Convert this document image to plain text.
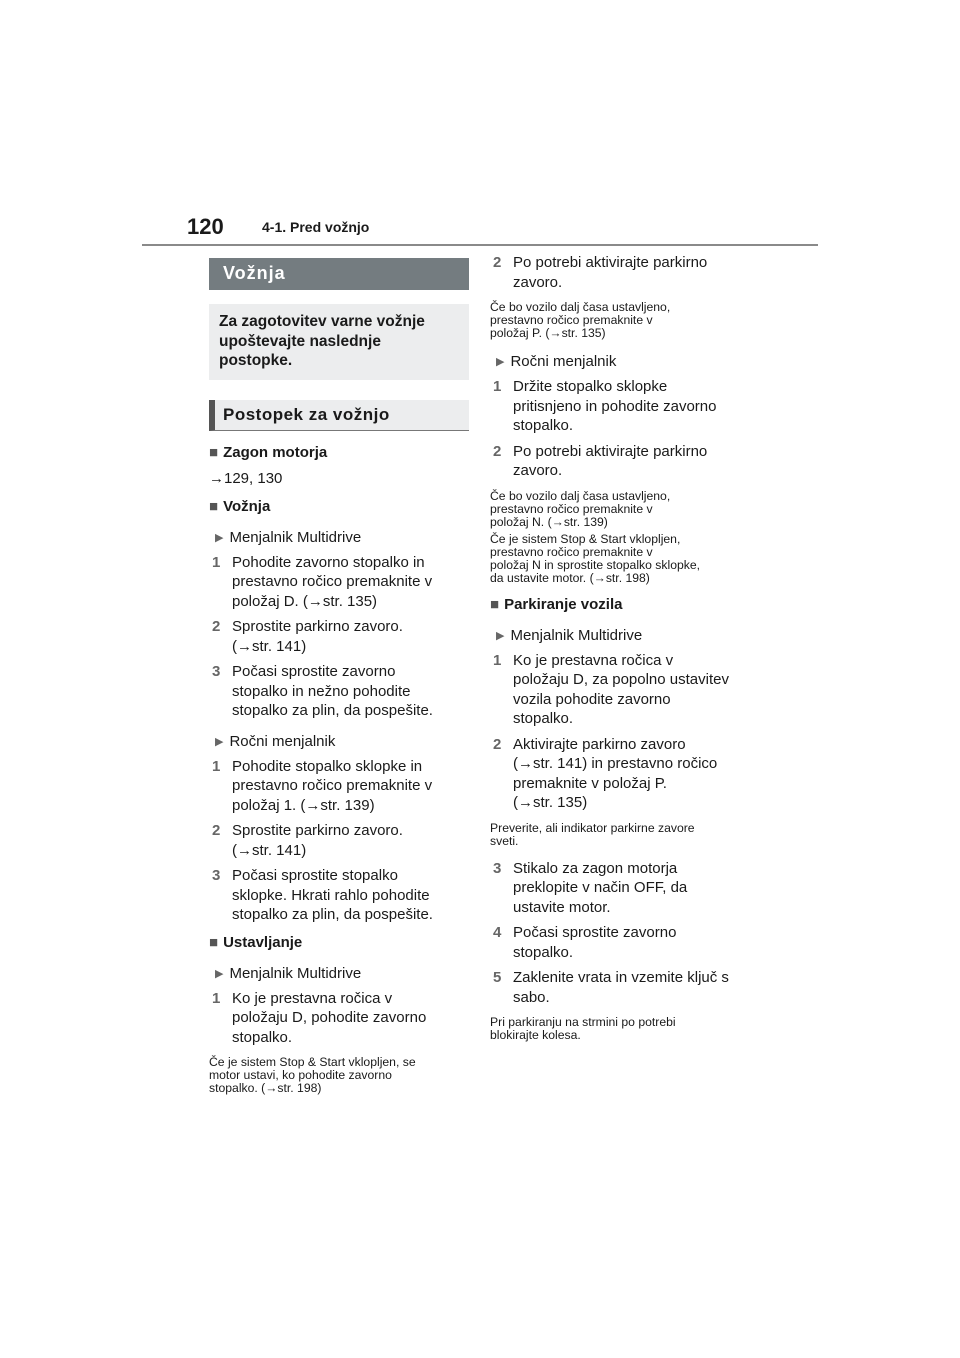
120	4-1. Pred vožnjo
Vožnja
Za zagotovitev varne vožnje
upoštevajte naslednje
postopke.
Postopek za vožnjo
■ Zagon motorja
→129, 130
■ Vožnja
▶ Menjalnik Multidrive
1 Pohodite zavorno stopalko in
prestavno ročico premaknite v
položaj D. (→str. 135)
2 Sprostite parkirno zavoro.
(→str. 141)
3 Počasi sprostite zavorno
stopalko in nežno pohodite
stopalko za plin, da pospešite.
▶ Ročni menjalnik
1 Pohodite stopalko sklopke in
prestavno ročico premaknite v
položaj 1. (→str. 139)
2 Sprostite parkirno zavoro.
(→str. 141)
3 Počasi sprostite stopalko
sklopke. Hkrati rahlo pohodite
stopalko za plin, da pospešite.
■ Ustavljanje
▶ Menjalnik Multidrive
1 Ko je prestavna ročica v
položaju D, pohodite zavorno
stopalko.
Če je sistem Stop & Start vklopljen, se
motor ustavi, ko pohodite zavorno
stopalko. (→str. 198)
2 Po potrebi aktivirajte parkirno
zavoro.
Če bo vozilo dalj časa ustavljeno,
prestavno ročico premaknite v
položaj P. (→str. 135)
▶ Ročni menjalnik
1 Držite stopalko sklopke
pritisnjeno in pohodite zavorno
stopalko.
2 Po potrebi aktivirajte parkirno
zavoro.
Če bo vozilo dalj časa ustavljeno,
prestavno ročico premaknite v
položaj N. (→str. 139)
Če je sistem Stop & Start vklopljen,
prestavno ročico premaknite v
položaj N in sprostite stopalko sklopke,
da ustavite motor. (→str. 198)
■ Parkiranje vozila
▶ Menjalnik Multidrive
1 Ko je prestavna ročica v
položaju D, za popolno ustavitev
vozila pohodite zavorno
stopalko.
2 Aktivirajte parkirno zavoro
(→str. 141) in prestavno ročico
premaknite v položaj P.
(→str. 135)
Preverite, ali indikator parkirne zavore
sveti.
3 Stikalo za zagon motorja
preklopite v način OFF, da
ustavite motor.
4 Počasi sprostite zavorno
stopalko.
5 Zaklenite vrata in vzemite ključ s
sabo.
Pri parkiranju na strmini po potrebi
blokirajte kolesa.
